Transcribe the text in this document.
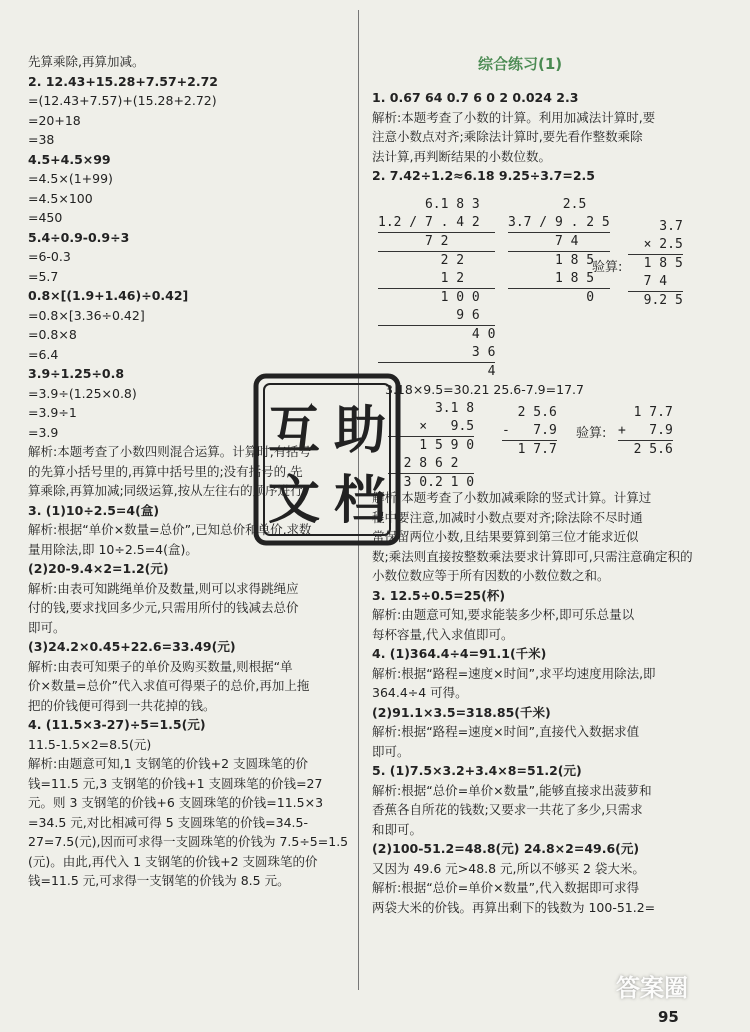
先算乘除,再算加减。
2. 12.43+15.28+7.57+2.72
=(12.43+7.57)+(15.28+2.72)
=20+18
=38
4.5+4.5×99
=4.5×(1+99)
=4.5×100
=450
5.4÷0.9-0.9÷3
=6-0.3
=5.7
0.8×[(1.9+1.46)÷0.42]
=0.8×[3.36÷0.42]
=0.8×8
=6.4
3.9÷1.25÷0.8
=3.9÷(1.25×0.8)
=3.9÷1
=3.9
解析:本题考查了小数四则混合运算。计算时,有括号
的先算小括号里的,再算中括号里的;没有括号的,先
算乘除,再算加减;同级运算,按从左往右的顺序进行。
3. (1)10÷2.5=4(盒)
解析:根据“单价×数量=总价”,已知总价和单价,求数
量用除法,即 10÷2.5=4(盒)。
(2)20-9.4×2=1.2(元)
解析:由表可知跳绳单价及数量,则可以求得跳绳应
付的钱,要求找回多少元,只需用所付的钱减去总价
即可。
(3)24.2×0.45+22.6=33.49(元)
解析:由表可知栗子的单价及购买数量,则根据“单
价×数量=总价”代入求值可得栗子的总价,再加上拖
把的价钱便可得到一共花掉的钱。
4. (11.5×3-27)÷5=1.5(元)
11.5-1.5×2=8.5(元)
解析:由题意可知,1 支钢笔的价钱+2 支圆珠笔的价
钱=11.5 元,3 支钢笔的价钱+1 支圆珠笔的价钱=27
元。则 3 支钢笔的价钱+6 支圆珠笔的价钱=11.5×3
=34.5 元,对比相减可得 5 支圆珠笔的价钱=34.5-
27=7.5(元),因而可求得一支圆珠笔的价钱为 7.5÷5=1.5
(元)。由此,再代入 1 支钢笔的价钱+2 支圆珠笔的价
钱=11.5 元,可求得一支钢笔的价钱为 8.5 元。
综合练习(1)
1. 0.67 64 0.7 6 0 2 0.024 2.3
解析:本题考查了小数的计算。利用加减法计算时,要
注意小数点对齐;乘除法计算时,要先看作整数乘除
法计算,再判断结果的小数位数。
2. 7.42÷1.2≈6.18 9.25÷3.7=2.5
6.1 8 3
1.2 / 7 . 4 2
7 2
2 2
1 2
1 0 0
9 6
4 0
3 6
4
2.5
3.7 / 9 . 2 5
7 4
1 8 5
1 8 5
0
验算:
3.7
× 2.5
1 8 5
7 4
9.2 5
3.18×9.5=30.21 25.6-7.9=17.7
3.1 8
×   9.5
1 5 9 0
2 8 6 2
3 0.2 1 0
2 5.6
-   7.9
1 7.7
验算:
1 7.7
+   7.9
2 5.6
解析:本题考查了小数加减乘除的竖式计算。计算过
程中要注意,加减时小数点要对齐;除法除不尽时通
常保留两位小数,且结果要算到第三位才能求近似
数;乘法则直接按整数乘法要求计算即可,只需注意确定积的
小数位数应等于所有因数的小数位数之和。
3. 12.5÷0.5=25(杯)
解析:由题意可知,要求能装多少杯,即可乐总量以
每杯容量,代入求值即可。
4. (1)364.4÷4=91.1(千米)
解析:根据“路程=速度×时间”,求平均速度用除法,即
364.4÷4 可得。
(2)91.1×3.5=318.85(千米)
解析:根据“路程=速度×时间”,直接代入数据求值
即可。
5. (1)7.5×3.2+3.4×8=51.2(元)
解析:根据“总价=单价×数量”,能够直接求出菠萝和
香蕉各自所花的钱数;又要求一共花了多少,只需求
和即可。
(2)100-51.2=48.8(元) 24.8×2=49.6(元)
又因为 49.6 元>48.8 元,所以不够买 2 袋大米。
解析:根据“总价=单价×数量”,代入数据即可求得
两袋大米的价钱。再算出剩下的钱数为 100-51.2=
互 助
文 档
答案圈
95
